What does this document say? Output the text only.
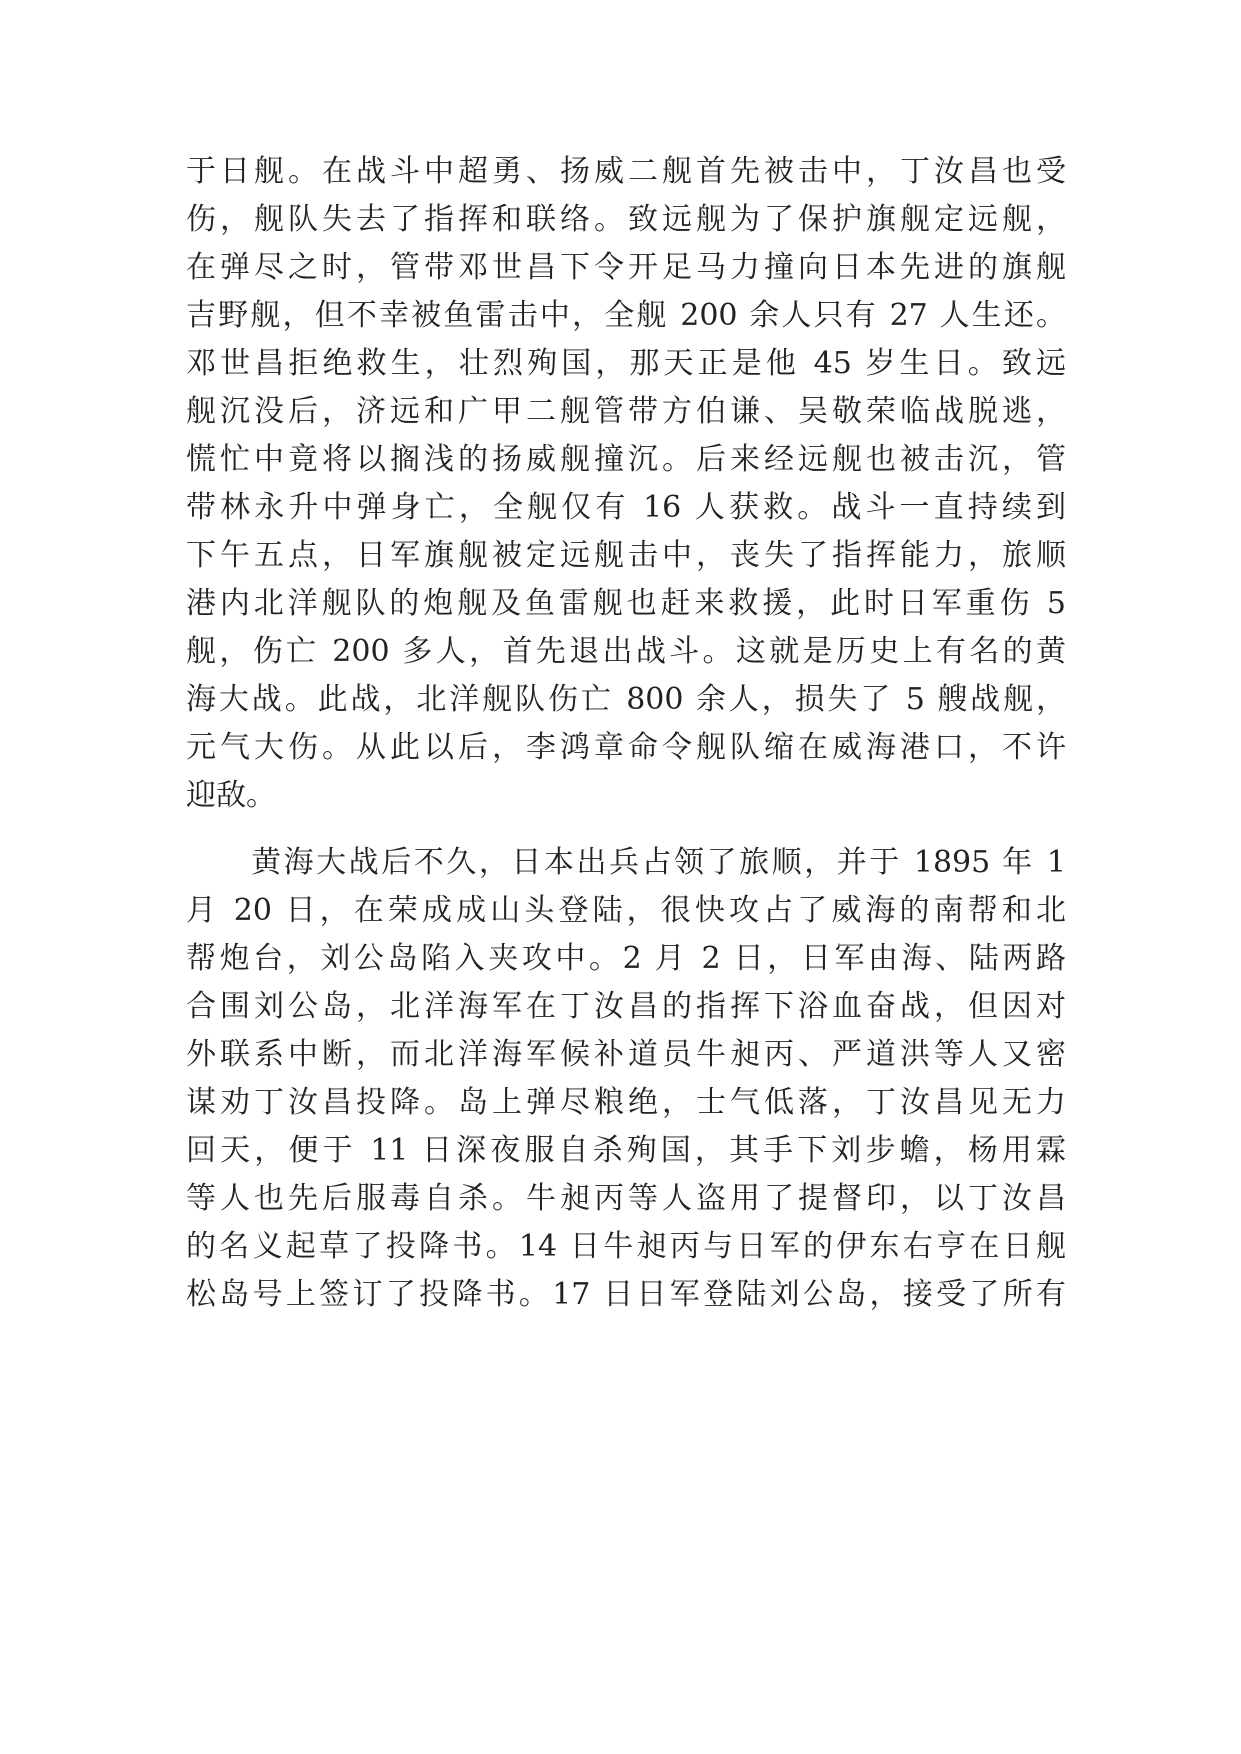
于日舰。在战斗中超勇、扬威二舰首先被击中，丁汝昌也受
伤，舰队失去了指挥和联络。致远舰为了保护旗舰定远舰，
在弹尽之时，管带邓世昌下令开足马力撞向日本先进的旗舰
吉野舰，但不幸被鱼雷击中，全舰 200 余人只有 27 人生还。
邓世昌拒绝救生，壮烈殉国，那天正是他 45 岁生日。致远
舰沉没后，济远和广甲二舰管带方伯谦、吴敬荣临战脱逃，
慌忙中竟将以搁浅的扬威舰撞沉。后来经远舰也被击沉，管
带林永升中弹身亡，全舰仅有 16 人获救。战斗一直持续到
下午五点，日军旗舰被定远舰击中，丧失了指挥能力，旅顺
港内北洋舰队的炮舰及鱼雷舰也赶来救援，此时日军重伤 5
舰，伤亡 200 多人，首先退出战斗。这就是历史上有名的黄
海大战。此战，北洋舰队伤亡 800 余人，损失了 5 艘战舰，
元气大伤。从此以后，李鸿章命令舰队缩在威海港口，不许
迎敌。
　　黄海大战后不久，日本出兵占领了旅顺，并于 1895 年 1
月 20 日，在荣成成山头登陆，很快攻占了威海的南帮和北
帮炮台，刘公岛陷入夹攻中。2 月 2 日，日军由海、陆两路
合围刘公岛，北洋海军在丁汝昌的指挥下浴血奋战，但因对
外联系中断，而北洋海军候补道员牛昶丙、严道洪等人又密
谋劝丁汝昌投降。岛上弹尽粮绝，士气低落，丁汝昌见无力
回天，便于 11 日深夜服自杀殉国，其手下刘步蟾，杨用霖
等人也先后服毒自杀。牛昶丙等人盗用了提督印，以丁汝昌
的名义起草了投降书。14 日牛昶丙与日军的伊东右亨在日舰
松岛号上签订了投降书。17 日日军登陆刘公岛，接受了所有
